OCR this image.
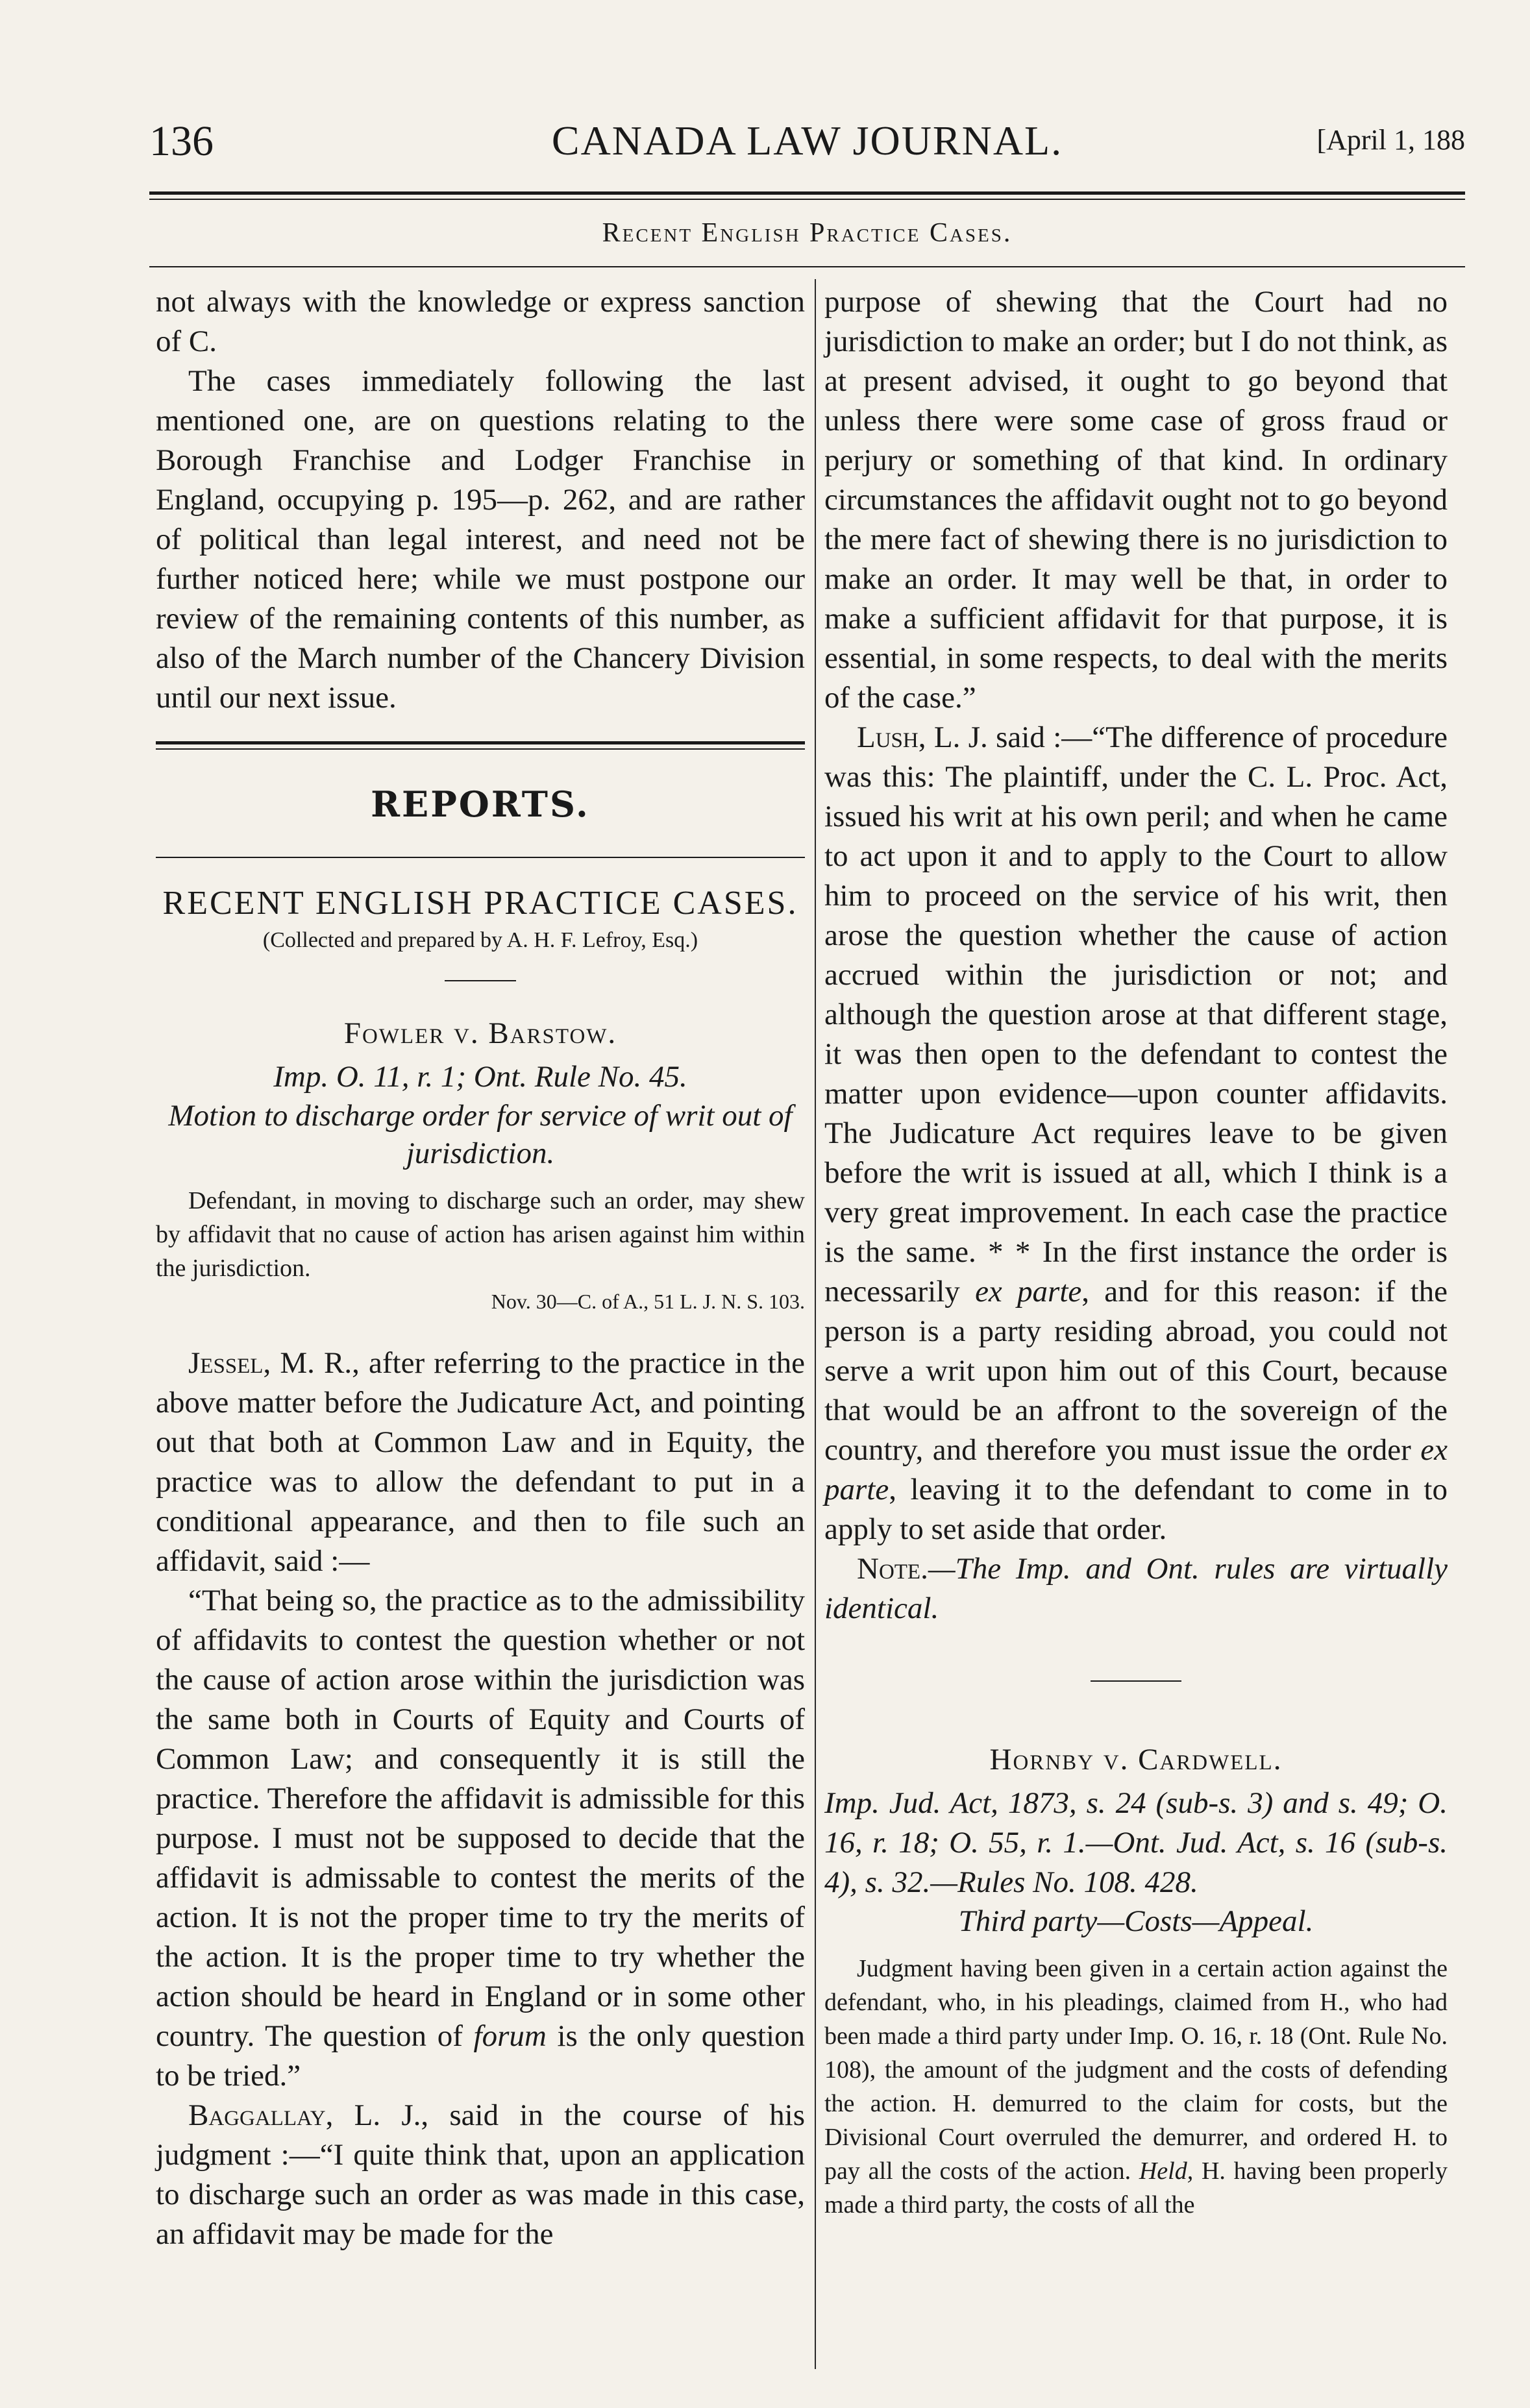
136	CANADA LAW JOURNAL.	[April 1, 188
Recent English Practice Cases.

not always with the knowledge or express sanction of C.

The cases immediately following the last mentioned one, are on questions relating to the Borough Franchise and Lodger Franchise in England, occupying p. 195—p. 262, and are rather of political than legal interest, and need not be further noticed here; while we must postpone our review of the remaining contents of this number, as also of the March number of the Chancery Division until our next issue.

REPORTS.
RECENT ENGLISH PRACTICE CASES.
(Collected and prepared by A. H. F. Lefroy, Esq.)
Fowler v. Barstow.
Imp. O. 11, r. 1; Ont. Rule No. 45.
Motion to discharge order for service of writ out of jurisdiction.

Defendant, in moving to discharge such an order, may shew by affidavit that no cause of action has arisen against him within the jurisdiction.

Nov. 30—C. of A., 51 L. J. N. S. 103.

Jessel, M. R., after referring to the practice in the above matter before the Judicature Act, and pointing out that both at Common Law and in Equity, the practice was to allow the defendant to put in a conditional appearance, and then to file such an affidavit, said :—

“That being so, the practice as to the admissibility of affidavits to contest the question whether or not the cause of action arose within the jurisdiction was the same both in Courts of Equity and Courts of Common Law; and consequently it is still the practice. Therefore the affidavit is admissible for this purpose. I must not be supposed to decide that the affidavit is admissable to contest the merits of the action. It is not the proper time to try the merits of the action. It is the proper time to try whether the action should be heard in England or in some other country. The question of forum is the only question to be tried.”

Baggallay, L. J., said in the course of his judgment :—“I quite think that, upon an application to discharge such an order as was made in this case, an affidavit may be made for the

purpose of shewing that the Court had no jurisdiction to make an order; but I do not think, as at present advised, it ought to go beyond that unless there were some case of gross fraud or perjury or something of that kind. In ordinary circumstances the affidavit ought not to go beyond the mere fact of shewing there is no jurisdiction to make an order. It may well be that, in order to make a sufficient affidavit for that purpose, it is essential, in some respects, to deal with the merits of the case.”

Lush, L. J. said :—“The difference of procedure was this: The plaintiff, under the C. L. Proc. Act, issued his writ at his own peril; and when he came to act upon it and to apply to the Court to allow him to proceed on the service of his writ, then arose the question whether the cause of action accrued within the jurisdiction or not; and although the question arose at that different stage, it was then open to the defendant to contest the matter upon evidence—upon counter affidavits. The Judicature Act requires leave to be given before the writ is issued at all, which I think is a very great improvement. In each case the practice is the same. * * In the first instance the order is necessarily ex parte, and for this reason: if the person is a party residing abroad, you could not serve a writ upon him out of this Court, because that would be an affront to the sovereign of the country, and therefore you must issue the order ex parte, leaving it to the defendant to come in to apply to set aside that order.

Note.—The Imp. and Ont. rules are virtually identical.

Hornby v. Cardwell.
Imp. Jud. Act, 1873, s. 24 (sub-s. 3) and s. 49; O. 16, r. 18; O. 55, r. 1.—Ont. Jud. Act, s. 16 (sub-s. 4), s. 32.—Rules No. 108. 428.
Third party—Costs—Appeal.

Judgment having been given in a certain action against the defendant, who, in his pleadings, claimed from H., who had been made a third party under Imp. O. 16, r. 18 (Ont. Rule No. 108), the amount of the judgment and the costs of defending the action. H. demurred to the claim for costs, but the Divisional Court overruled the demurrer, and ordered H. to pay all the costs of the action. Held, H. having been properly made a third party, the costs of all the
